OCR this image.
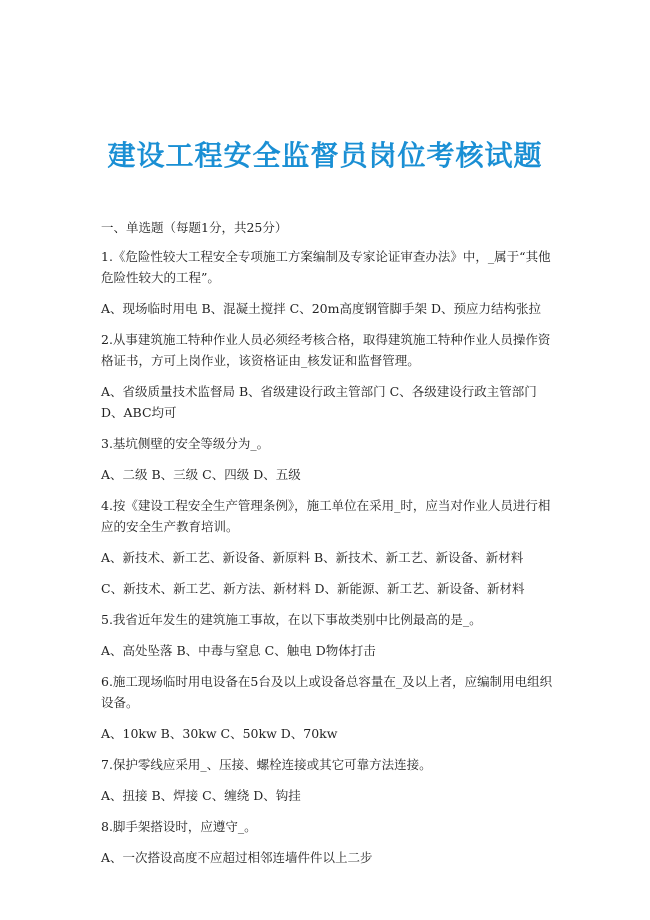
建设工程安全监督员岗位考核试题
一、单选题（每题1分，共25分）
1.《危险性较大工程安全专项施工方案编制及专家论证审查办法》中，_属于“其他危险性较大的工程”。
A、现场临时用电 B、混凝土搅拌 C、20m高度钢管脚手架 D、预应力结构张拉
2.从事建筑施工特种作业人员必须经考核合格，取得建筑施工特种作业人员操作资格证书，方可上岗作业，该资格证由_核发证和监督管理。
A、省级质量技术监督局 B、省级建设行政主管部门 C、各级建设行政主管部门 D、ABC均可
3.基坑侧壁的安全等级分为_。
A、二级 B、三级 C、四级 D、五级
4.按《建设工程安全生产管理条例》，施工单位在采用_时，应当对作业人员进行相应的安全生产教育培训。
A、新技术、新工艺、新设备、新原料 B、新技术、新工艺、新设备、新材料
C、新技术、新工艺、新方法、新材料 D、新能源、新工艺、新设备、新材料
5.我省近年发生的建筑施工事故，在以下事故类别中比例最高的是_。
A、高处坠落 B、中毒与窒息 C、触电 D物体打击
6.施工现场临时用电设备在5台及以上或设备总容量在_及以上者，应编制用电组织设备。
A、10kw B、30kw C、50kw D、70kw
7.保护零线应采用_、压接、螺栓连接或其它可靠方法连接。
A、扭接 B、焊接 C、缠绕 D、钩挂
8.脚手架搭设时，应遵守_。
A、一次搭设高度不应超过相邻连墙件件以上二步
